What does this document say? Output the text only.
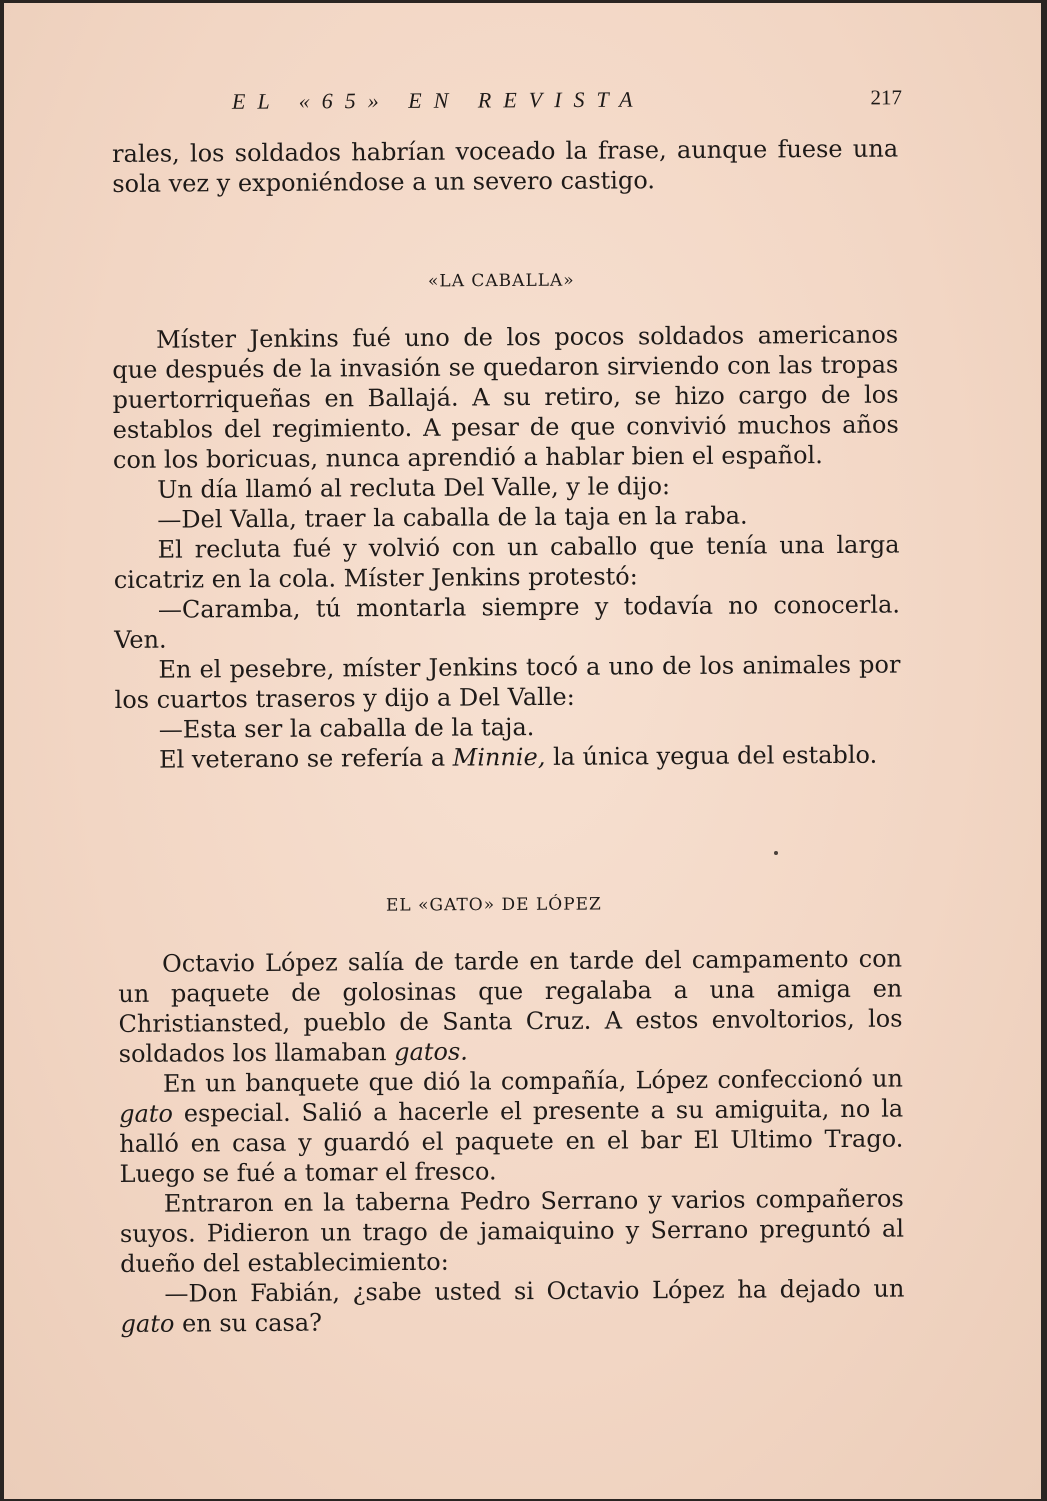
EL «65» EN REVISTA	217

rales, los soldados habrían voceado la frase, aunque fuese una sola vez y exponiéndose a un severo castigo.

«LA CABALLA»

Míster Jenkins fué uno de los pocos soldados americanos que después de la invasión se quedaron sirviendo con las tropas puertorriqueñas en Ballajá. A su retiro, se hizo cargo de los establos del regimiento. A pesar de que convivió muchos años con los boricuas, nunca aprendió a hablar bien el español.

Un día llamó al recluta Del Valle, y le dijo:

—Del Valla, traer la caballa de la taja en la raba.

El recluta fué y volvió con un caballo que tenía una larga cicatriz en la cola. Míster Jenkins protestó:

—Caramba, tú montarla siempre y todavía no conocerla. Ven.

En el pesebre, míster Jenkins tocó a uno de los animales por los cuartos traseros y dijo a Del Valle:

—Esta ser la caballa de la taja.

El veterano se refería a Minnie, la única yegua del establo.

EL «GATO» DE LÓPEZ

Octavio López salía de tarde en tarde del campamento con un paquete de golosinas que regalaba a una amiga en Christiansted, pueblo de Santa Cruz. A estos envoltorios, los soldados los llamaban gatos.

En un banquete que dió la compañía, López confeccionó un gato especial. Salió a hacerle el presente a su amiguita, no la halló en casa y guardó el paquete en el bar El Ultimo Trago. Luego se fué a tomar el fresco.

Entraron en la taberna Pedro Serrano y varios compañeros suyos. Pidieron un trago de jamaiquino y Serrano preguntó al dueño del establecimiento:

—Don Fabián, ¿sabe usted si Octavio López ha dejado un gato en su casa?
